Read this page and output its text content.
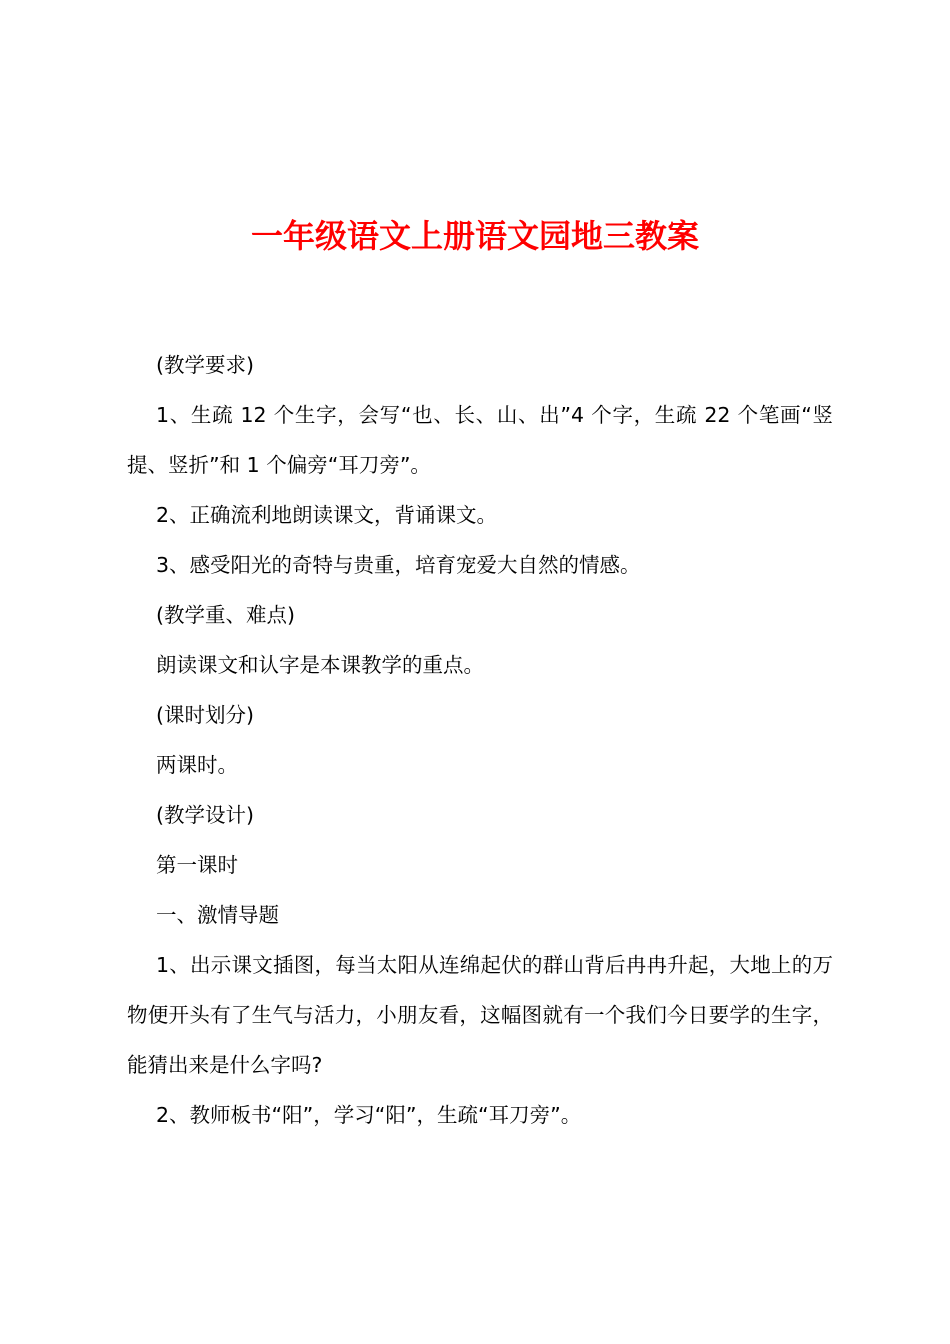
一年级语文上册语文园地三教案

(教学要求)

1、生疏 12 个生字，会写“也、长、山、出”4 个字，生疏 22 个笔画“竖提、竖折”和 1 个偏旁“耳刀旁”。

2、正确流利地朗读课文，背诵课文。

3、感受阳光的奇特与贵重，培育宠爱大自然的情感。

(教学重、难点)

朗读课文和认字是本课教学的重点。

(课时划分)

两课时。

(教学设计)

第一课时

一、激情导题

1、出示课文插图，每当太阳从连绵起伏的群山背后冉冉升起，大地上的万物便开头有了生气与活力，小朋友看，这幅图就有一个我们今日要学的生字，能猜出来是什么字吗?

2、教师板书“阳”，学习“阳”，生疏“耳刀旁”。
